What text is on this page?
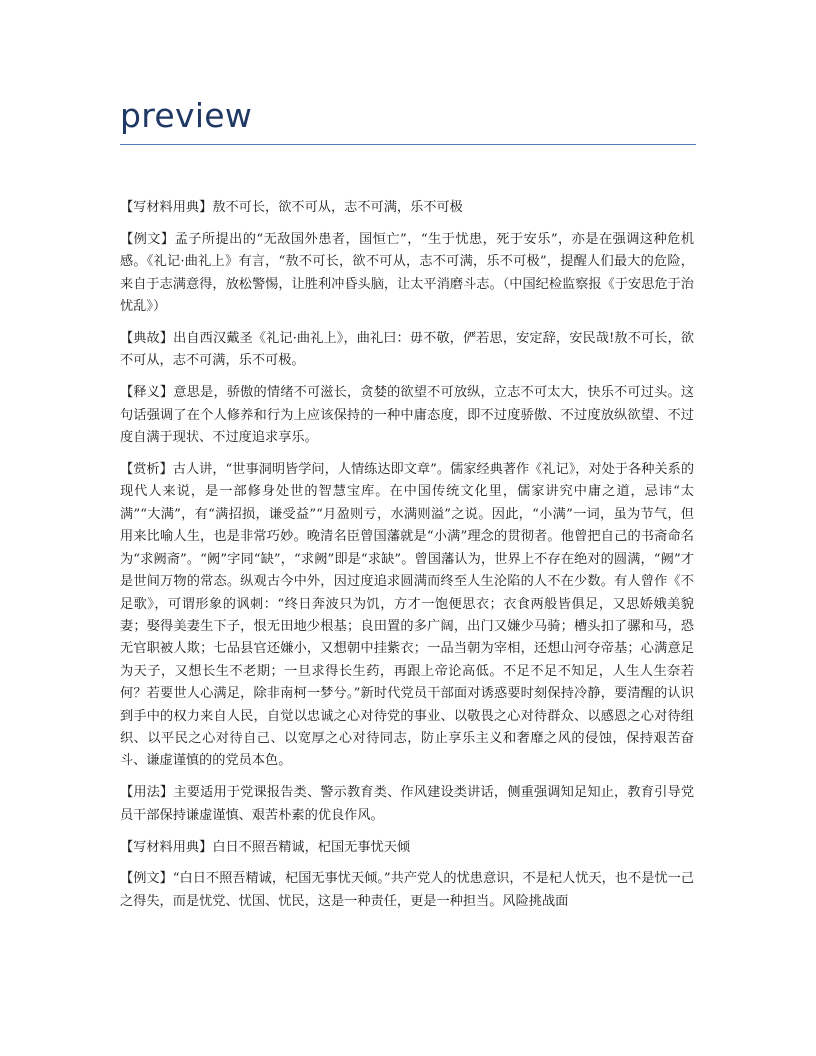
preview

【写材料用典】敖不可长，欲不可从，志不可满，乐不可极

【例文】孟子所提出的“无敌国外患者，国恒亡”，“生于忧患，死于安乐”，亦是在强调这种危机感。《礼记·曲礼上》有言，“敖不可长，欲不可从，志不可满，乐不可极”，提醒人们最大的危险，来自于志满意得，放松警惕，让胜利冲昏头脑，让太平消磨斗志。（中国纪检监察报《于安思危于治忧乱》）

【典故】出自西汉戴圣《礼记·曲礼上》，曲礼曰：毋不敬，俨若思，安定辞，安民哉!敖不可长，欲不可从，志不可满，乐不可极。

【释义】意思是，骄傲的情绪不可滋长，贪婪的欲望不可放纵，立志不可太大，快乐不可过头。这句话强调了在个人修养和行为上应该保持的一种中庸态度，即不过度骄傲、不过度放纵欲望、不过度自满于现状、不过度追求享乐。

【赏析】古人讲，“世事洞明皆学问，人情练达即文章”。儒家经典著作《礼记》，对处于各种关系的现代人来说，是一部修身处世的智慧宝库。在中国传统文化里，儒家讲究中庸之道，忌讳“太满”“大满”，有“满招损，谦受益”“月盈则亏，水满则溢”之说。因此，“小满”一词，虽为节气，但用来比喻人生，也是非常巧妙。晚清名臣曾国藩就是“小满”理念的贯彻者。他曾把自己的书斋命名为“求阙斋”。“阙”字同“缺”，“求阙”即是“求缺”。曾国藩认为，世界上不存在绝对的圆满，“阙”才是世间万物的常态。纵观古今中外，因过度追求圆满而终至人生沦陷的人不在少数。有人曾作《不足歌》，可谓形象的讽刺：“终日奔波只为饥，方才一饱便思衣；衣食两般皆俱足，又思娇娥美貌妻；娶得美妻生下子，恨无田地少根基；良田置的多广阔，出门又嫌少马骑；槽头扣了骡和马，恐无官职被人欺；七品县官还嫌小，又想朝中挂紫衣；一品当朝为宰相，还想山河夺帝基；心满意足为天子，又想长生不老期；一旦求得长生药，再跟上帝论高低。不足不足不知足，人生人生奈若何？若要世人心满足，除非南柯一梦兮。”新时代党员干部面对诱惑要时刻保持冷静，要清醒的认识到手中的权力来自人民，自觉以忠诚之心对待党的事业、以敬畏之心对待群众、以感恩之心对待组织、以平民之心对待自己、以宽厚之心对待同志，防止享乐主义和奢靡之风的侵蚀，保持艰苦奋斗、谦虚谨慎的的党员本色。

【用法】主要适用于党课报告类、警示教育类、作风建设类讲话，侧重强调知足知止，教育引导党员干部保持谦虚谨慎、艰苦朴素的优良作风。

【写材料用典】白日不照吾精诚，杞国无事忧天倾

【例文】“白日不照吾精诚，杞国无事忧天倾。”共产党人的忧患意识，不是杞人忧天，也不是忧一己之得失，而是忧党、忧国、忧民，这是一种责任，更是一种担当。风险挑战面
